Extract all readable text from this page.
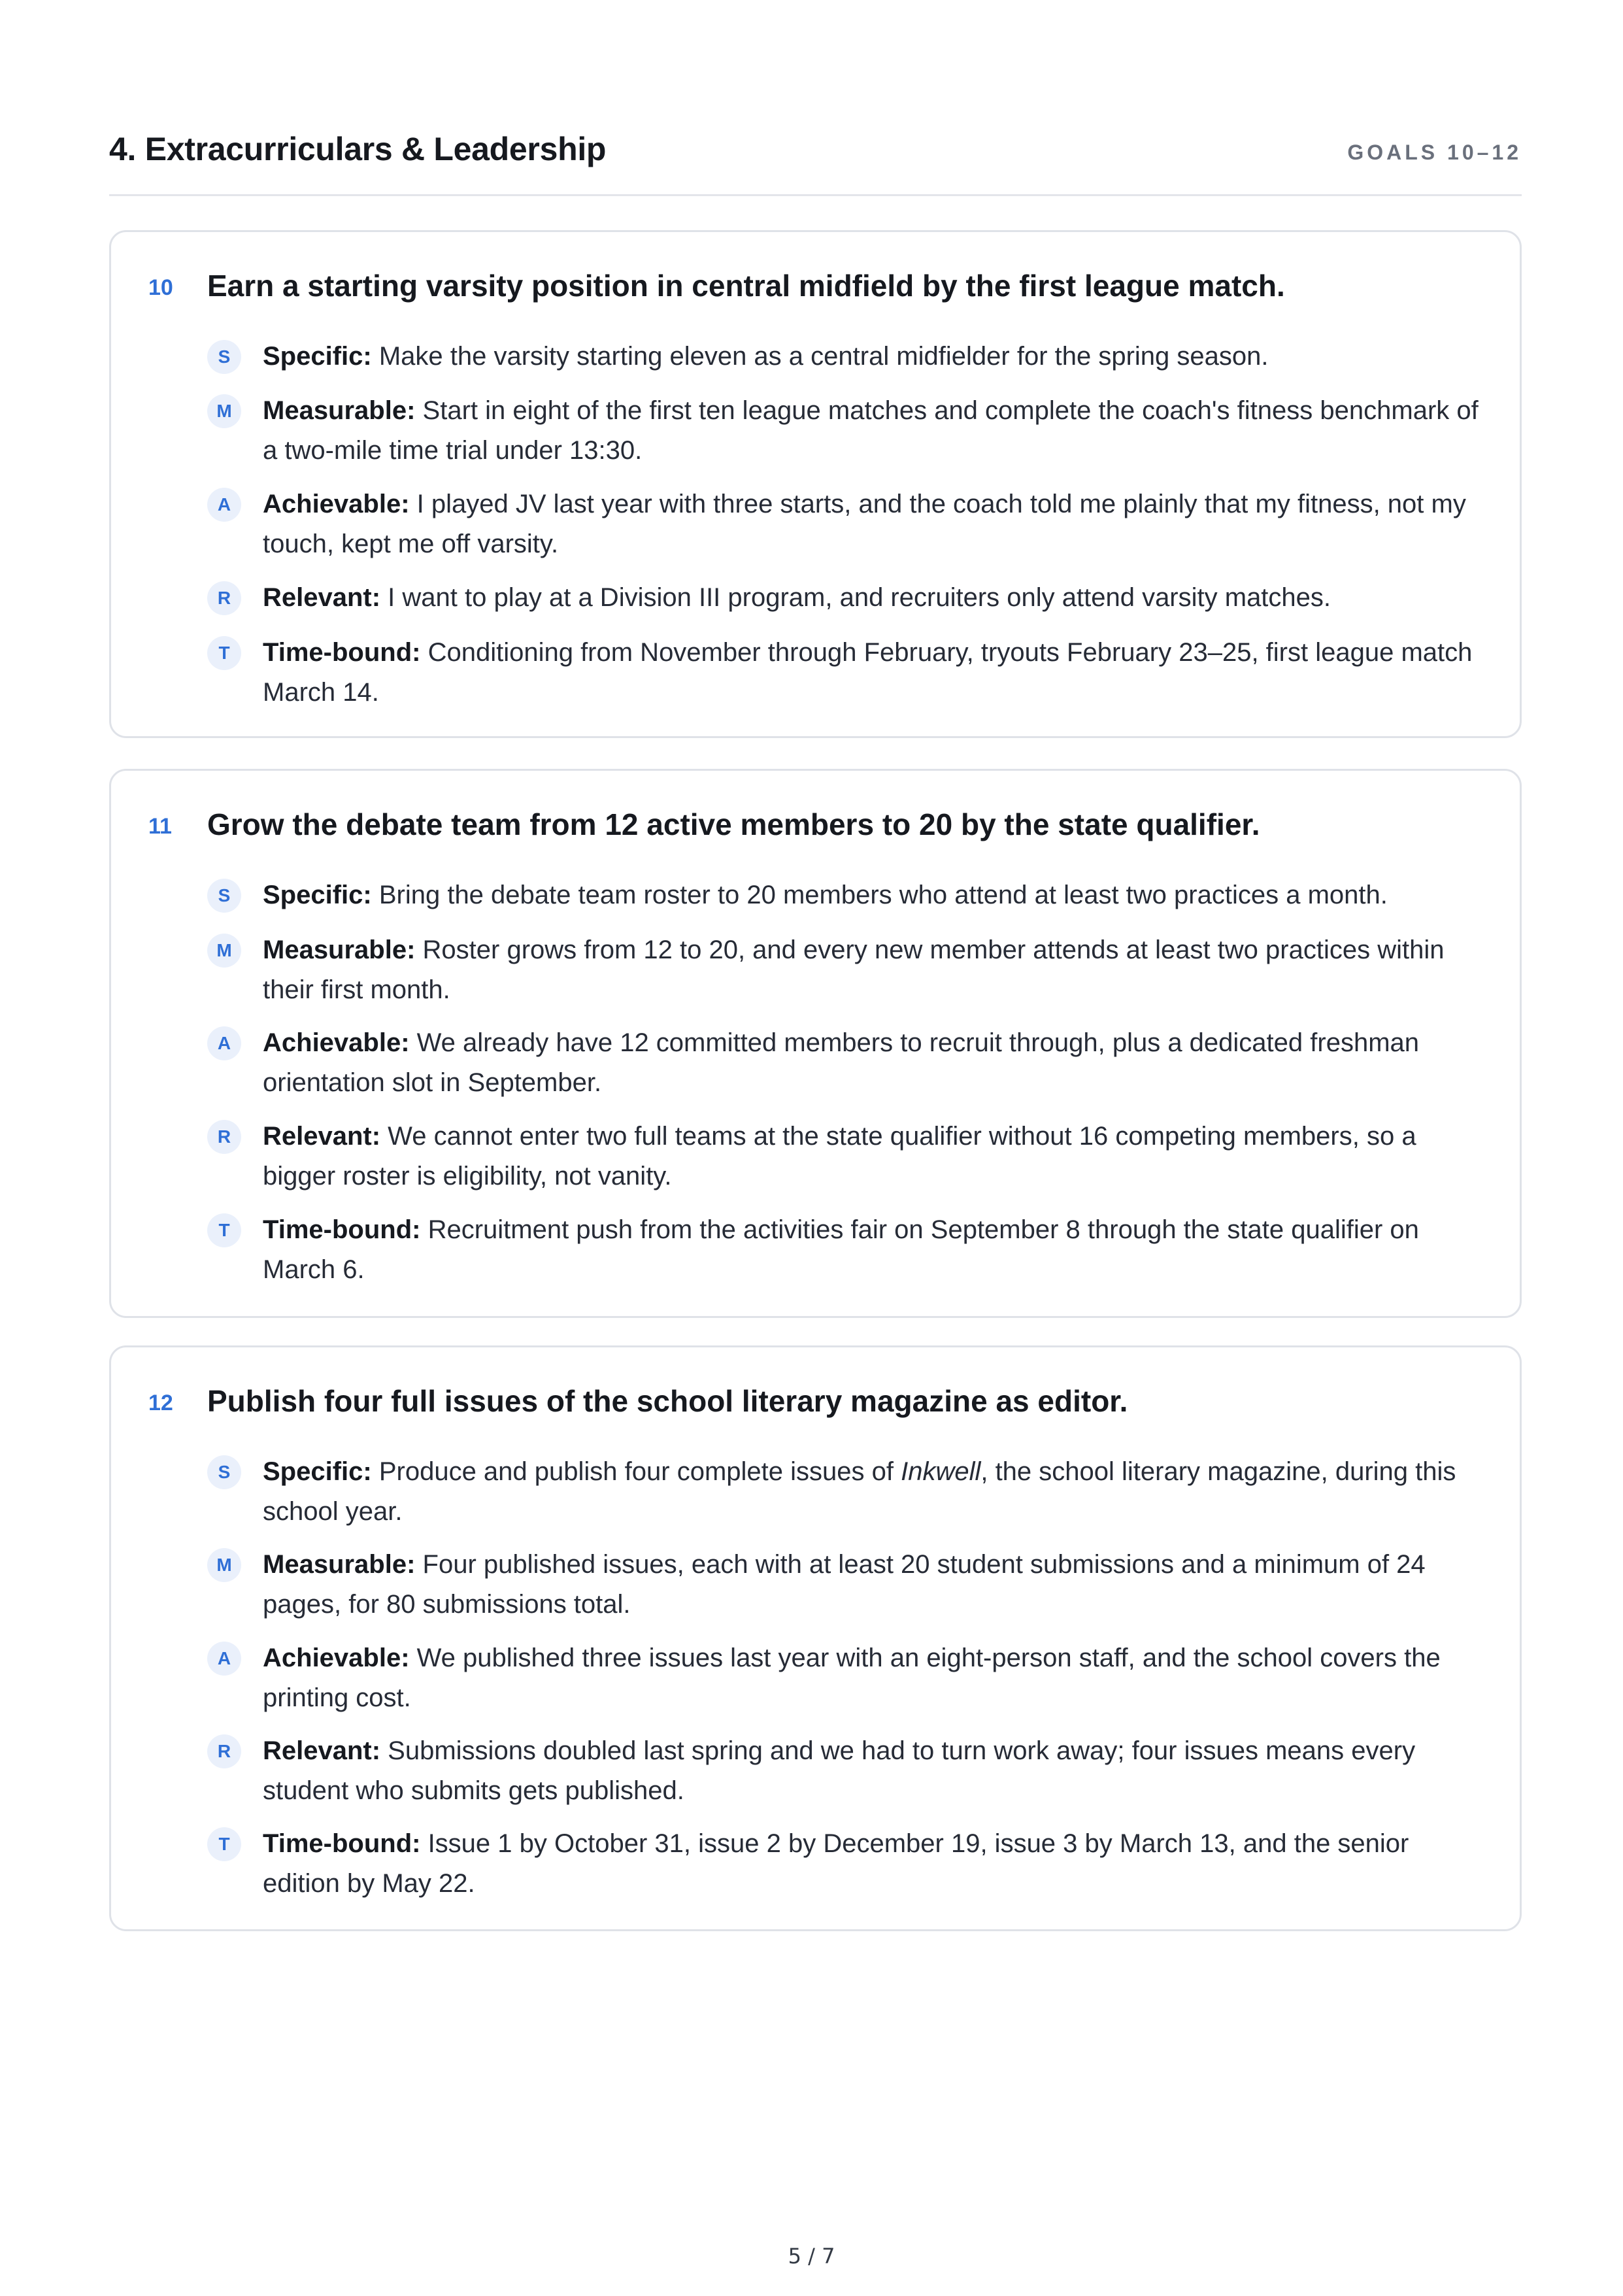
4. Extracurriculars & Leadership	GOALS 10–12
10 Earn a starting varsity position in central midfield by the first league match.
S	Specific: Make the varsity starting eleven as a central midfielder for the spring season.
M	Measurable: Start in eight of the first ten league matches and complete the coach's fitness benchmark of a two-mile time trial under 13:30.
A	Achievable: I played JV last year with three starts, and the coach told me plainly that my fitness, not my touch, kept me off varsity.
R	Relevant: I want to play at a Division III program, and recruiters only attend varsity matches.
T	Time-bound: Conditioning from November through February, tryouts February 23–25, first league match March 14.
11 Grow the debate team from 12 active members to 20 by the state qualifier.
S	Specific: Bring the debate team roster to 20 members who attend at least two practices a month.
M	Measurable: Roster grows from 12 to 20, and every new member attends at least two practices within their first month.
A	Achievable: We already have 12 committed members to recruit through, plus a dedicated freshman orientation slot in September.
R	Relevant: We cannot enter two full teams at the state qualifier without 16 competing members, so a bigger roster is eligibility, not vanity.
T	Time-bound: Recruitment push from the activities fair on September 8 through the state qualifier on March 6.
12 Publish four full issues of the school literary magazine as editor.
S	Specific: Produce and publish four complete issues of Inkwell, the school literary magazine, during this school year.
M	Measurable: Four published issues, each with at least 20 student submissions and a minimum of 24 pages, for 80 submissions total.
A	Achievable: We published three issues last year with an eight-person staff, and the school covers the printing cost.
R	Relevant: Submissions doubled last spring and we had to turn work away; four issues means every student who submits gets published.
T	Time-bound: Issue 1 by October 31, issue 2 by December 19, issue 3 by March 13, and the senior edition by May 22.
5 / 7
